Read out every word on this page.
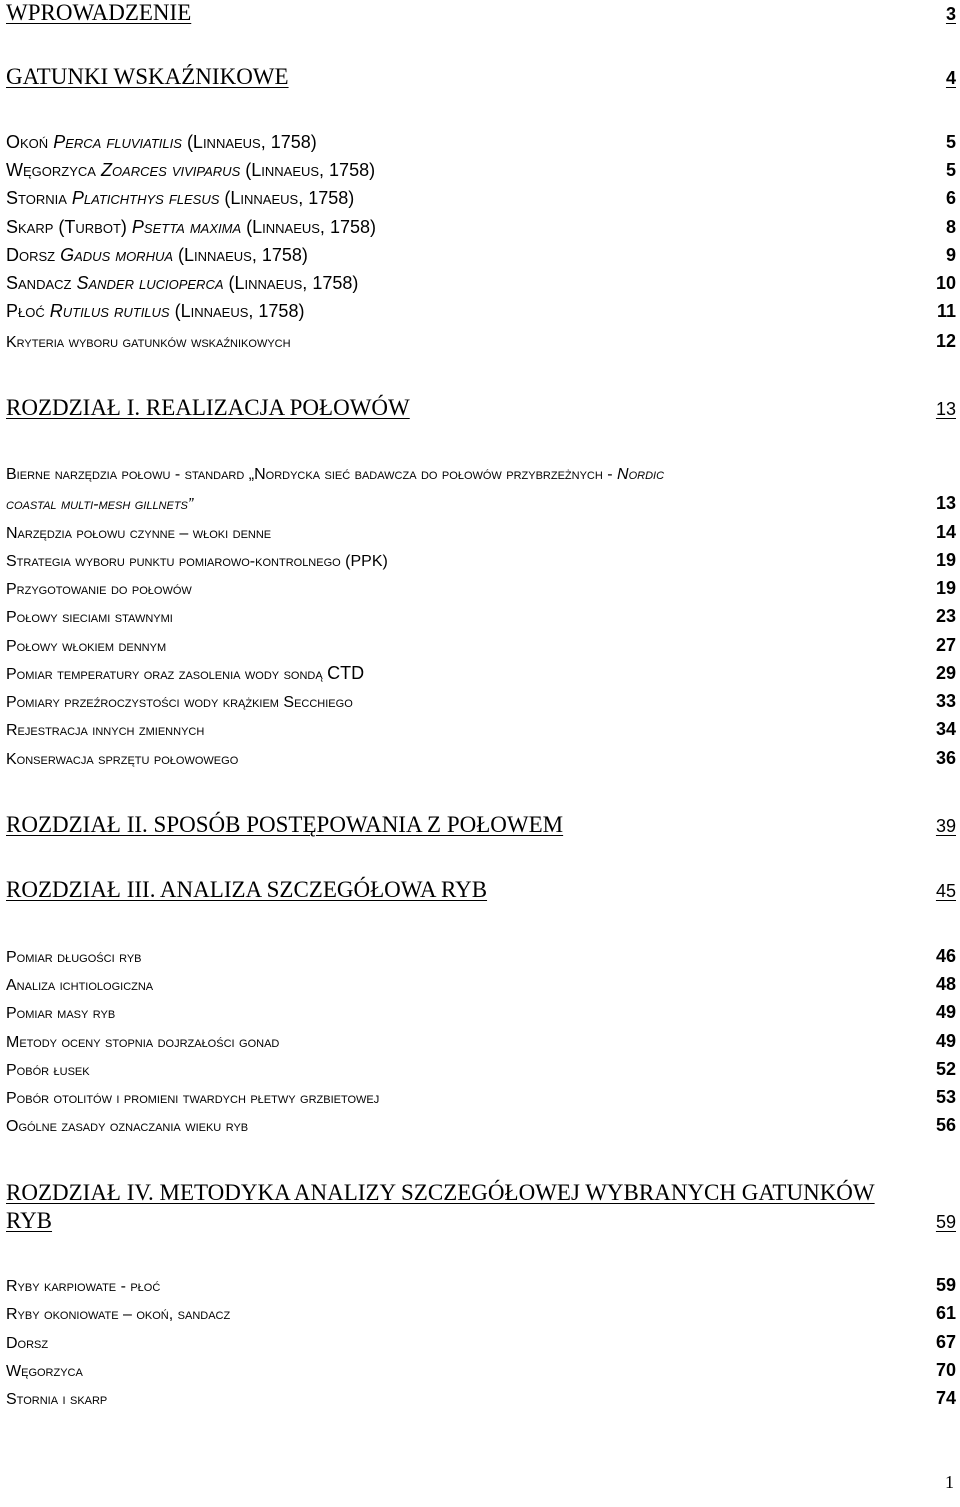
WPROWADZENIE	3
GATUNKI WSKAŹNIKOWE	4
Okoń Perca fluviatilis (Linnaeus, 1758)	5
Węgorzyca Zoarces viviparus (Linnaeus, 1758)	5
Stornia Platichthys flesus (Linnaeus, 1758)	6
Skarp (Turbot) Psetta maxima (Linnaeus, 1758)	8
Dorsz Gadus morhua (Linnaeus, 1758)	9
Sandacz Sander lucioperca (Linnaeus, 1758)	10
Płoć Rutilus rutilus (Linnaeus, 1758)	11
Kryteria wyboru gatunków wskaźnikowych	12
ROZDZIAŁ I. REALIZACJA POŁOWÓW	13
Bierne narzędzia połowu - standard „Nordycka sieć badawcza do połowów przybrzeżnych - Nordic
coastal multi-mesh gillnets”	13
Narzędzia połowu czynne – włoki denne	14
Strategia wyboru punktu pomiarowo-kontrolnego (PPK)	19
Przygotowanie do połowów	19
Połowy sieciami stawnymi	23
Połowy włokiem dennym	27
Pomiar temperatury oraz zasolenia wody sondą CTD	29
Pomiary przeźroczystości wody krążkiem Secchiego	33
Rejestracja innych zmiennych	34
Konserwacja sprzętu połowowego	36
ROZDZIAŁ II. SPOSÓB POSTĘPOWANIA Z POŁOWEM	39
ROZDZIAŁ III. ANALIZA SZCZEGÓŁOWA RYB	45
Pomiar długości ryb	46
Analiza ichtiologiczna	48
Pomiar masy ryb	49
Metody oceny stopnia dojrzałości gonad	49
Pobór łusek	52
Pobór otolitów i promieni twardych płetwy grzbietowej	53
Ogólne zasady oznaczania wieku ryb	56
ROZDZIAŁ IV. METODYKA ANALIZY SZCZEGÓŁOWEJ WYBRANYCH GATUNKÓW
RYB	59
Ryby karpiowate - płoć	59
Ryby okoniowate – okoń, sandacz	61
Dorsz	67
Węgorzyca	70
Stornia i skarp	74
1
